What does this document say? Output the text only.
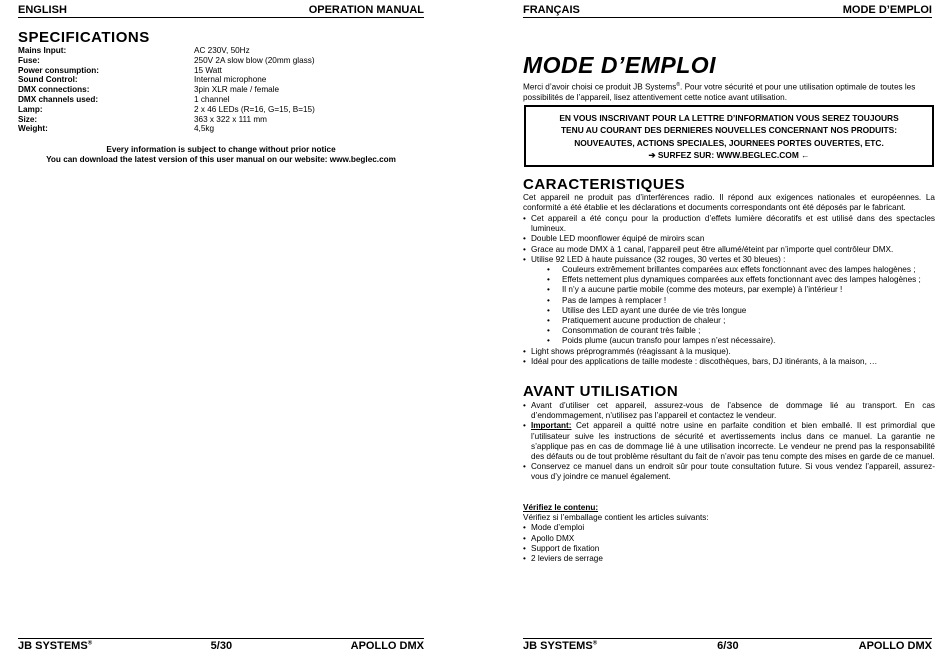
ENGLISH	OPERATION MANUAL
SPECIFICATIONS
Mains Input:	AC 230V, 50Hz
Fuse:	250V 2A slow blow (20mm glass)
Power consumption:	15 Watt
Sound Control:	Internal microphone
DMX connections:	3pin XLR male / female
DMX channels used:	1 channel
Lamp:	2 x 46 LEDs (R=16, G=15, B=15)
Size:	363 x 322 x 111 mm
Weight:	4,5kg
Every information is subject to change without prior notice
You can download the latest version of this user manual on our website: www.beglec.com
JB SYSTEMS®	5/30	APOLLO DMX
FRANÇAIS	MODE D’EMPLOI
JB SYSTEMS®	6/30	APOLLO DMX
MODE D’EMPLOI
Merci d’avoir choisi ce produit JB Systems®. Pour votre sécurité et pour une utilisation optimale de toutes les possibilités de l’appareil, lisez attentivement cette notice avant utilisation.
EN VOUS INSCRIVANT POUR LA LETTRE D’INFORMATION VOUS SEREZ TOUJOURS
TENU AU COURANT DES DERNIERES NOUVELLES CONCERNANT NOS PRODUITS:
NOUVEAUTES, ACTIONS SPECIALES, JOURNEES PORTES OUVERTES, ETC.
➔ SURFEZ SUR: WWW.BEGLEC.COM ←
CARACTERISTIQUES
Cet appareil ne produit pas d’interférences radio. Il répond aux exigences nationales et européennes. La conformité a été établie et les déclarations et documents correspondants ont été déposés par le fabricant.
• Cet appareil a été conçu pour la production d’effets lumière décoratifs et est utilisé dans des spectacles lumineux.
• Double LED moonflower équipé de miroirs scan
• Grace au mode DMX à 1 canal, l’appareil peut être allumé/éteint par n’importe quel contrôleur DMX.
• Utilise 92 LED à haute puissance (32 rouges, 30 vertes et 30 bleues) :
• Couleurs extrêmement brillantes comparées aux effets fonctionnant avec des lampes halogènes ;
• Effets nettement plus dynamiques comparées aux effets fonctionnant avec des lampes halogènes ;
• Il n’y a aucune partie mobile (comme des moteurs, par exemple) à l’intérieur !
• Pas de lampes à remplacer !
• Utilise des LED ayant une durée de vie très longue
• Pratiquement aucune production de chaleur ;
• Consommation de courant très faible ;
• Poids plume (aucun transfo pour lampes n’est nécessaire).
• Light shows préprogrammés (réagissant à la musique).
• Idéal pour des applications de taille modeste : discothèques, bars, DJ itinérants, à la maison, …
AVANT UTILISATION
• Avant d’utiliser cet appareil, assurez-vous de l’absence de dommage lié au transport. En cas d’endommagement, n’utilisez pas l’appareil et contactez le vendeur.
• Important: Cet appareil a quitté notre usine en parfaite condition et bien emballé. Il est primordial que l’utilisateur suive les instructions de sécurité et avertissements inclus dans ce manuel. La garantie ne s’applique pas en cas de dommage lié à une utilisation incorrecte. Le vendeur ne prend pas la responsabilité des défauts ou de tout problème résultant du fait de n’avoir pas tenu compte des mises en garde de ce manuel.
• Conservez ce manuel dans un endroit sûr pour toute consultation future. Si vous vendez l’appareil, assurez-vous d’y joindre ce manuel également.
Vérifiez le contenu:
Vérifiez si l’emballage contient les articles suivants:
• Mode d’emploi
• Apollo DMX
• Support de fixation
• 2 leviers de serrage
